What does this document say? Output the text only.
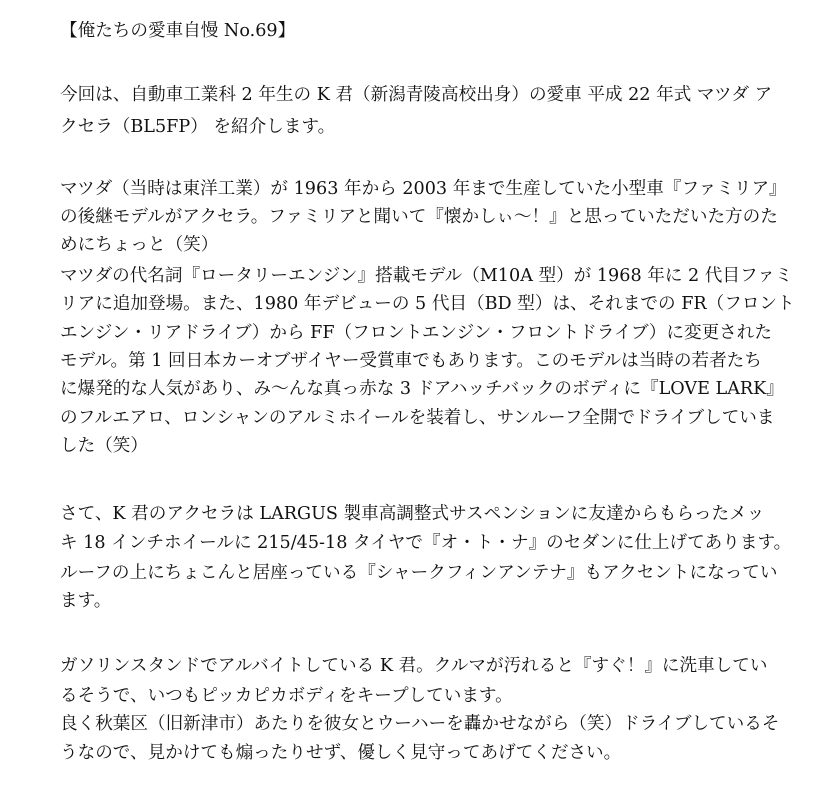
【俺たちの愛車自慢 No.69】
今回は、自動車工業科 2 年生の K 君（新潟青陵高校出身）の愛車 平成 22 年式 マツダ ア
クセラ（BL5FP） を紹介します。
マツダ（当時は東洋工業）が 1963 年から 2003 年まで生産していた小型車『ファミリア』
の後継モデルがアクセラ。ファミリアと聞いて『懐かしぃ〜！』と思っていただいた方のた
めにちょっと（笑）
マツダの代名詞『ロータリーエンジン』搭載モデル（M10A 型）が 1968 年に 2 代目ファミ
リアに追加登場。また、1980 年デビューの 5 代目（BD 型）は、それまでの FR（フロント
エンジン・リアドライブ）から FF（フロントエンジン・フロントドライブ）に変更された
モデル。第 1 回日本カーオブザイヤー受賞車でもあります。このモデルは当時の若者たち
に爆発的な人気があり、み〜んな真っ赤な 3 ドアハッチバックのボディに『LOVE LARK』
のフルエアロ、ロンシャンのアルミホイールを装着し、サンルーフ全開でドライブしていま
した（笑）
さて、K 君のアクセラは LARGUS 製車高調整式サスペンションに友達からもらったメッ
キ 18 インチホイールに 215/45-18 タイヤで『オ・ト・ナ』のセダンに仕上げてあります。
ルーフの上にちょこんと居座っている『シャークフィンアンテナ』もアクセントになってい
ます。
ガソリンスタンドでアルバイトしている K 君。クルマが汚れると『すぐ！』に洗車してい
るそうで、いつもピッカピカボディをキープしています。
良く秋葉区（旧新津市）あたりを彼女とウーハーを轟かせながら（笑）ドライブしているそ
うなので、見かけても煽ったりせず、優しく見守ってあげてください。
